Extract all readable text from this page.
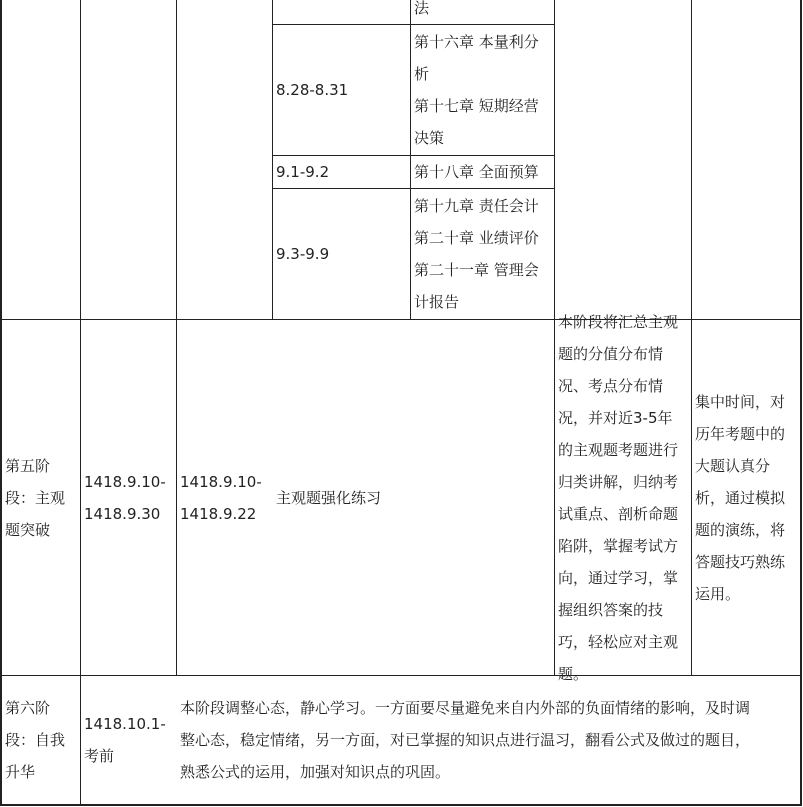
法
8.28-8.31
第十六章 本量利分
析
第十七章 短期经营
决策
9.1-9.2	第十八章 全面预算
9.3-9.9
第十九章 责任会计
第二十章 业绩评价
第二十一章 管理会
计报告
第五阶
段：主观
题突破
1418.9.10-
1418.9.30
1418.9.10-
1418.9.22
主观题强化练习
本阶段将汇总主观
题的分值分布情
况、考点分布情
况，并对近3-5年
的主观题考题进行
归类讲解，归纳考
试重点、剖析命题
陷阱，掌握考试方
向，通过学习，掌
握组织答案的技
巧，轻松应对主观
题。
集中时间，对
历年考题中的
大题认真分
析，通过模拟
题的演练，将
答题技巧熟练
运用。
第六阶
段：自我
升华
1418.10.1-
考前
本阶段调整心态，静心学习。一方面要尽量避免来自内外部的负面情绪的影响，及时调
整心态，稳定情绪，另一方面，对已掌握的知识点进行温习，翻看公式及做过的题目，
熟悉公式的运用，加强对知识点的巩固。
